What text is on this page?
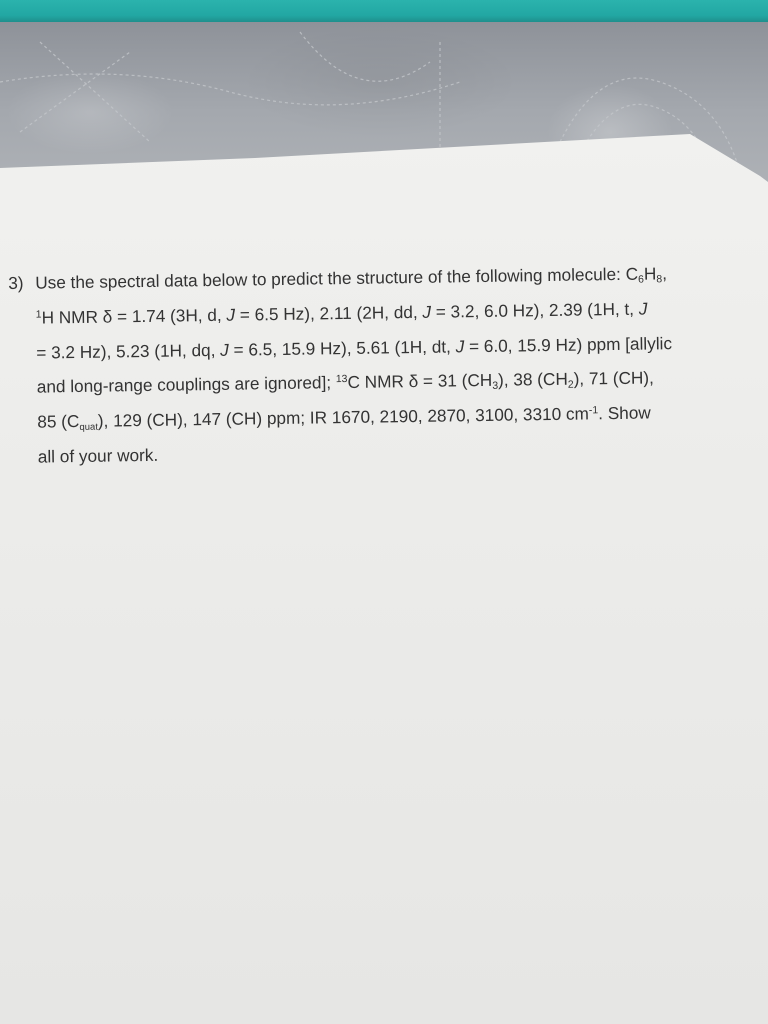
3) Use the spectral data below to predict the structure of the following molecule: $C_6H_8$,
$^1$H NMR δ = 1.74 (3H, d, J = 6.5 Hz), 2.11 (2H, dd, J = 3.2, 6.0 Hz), 2.39 (1H, t, J
= 3.2 Hz), 5.23 (1H, dq, J = 6.5, 15.9 Hz), 5.61 (1H, dt, J = 6.0, 15.9 Hz) ppm [allylic
and long-range couplings are ignored]; $^{13}$C NMR δ = 31 $(CH_3)$, 38 $(CH_2)$, 71 (CH),
85 $(C_{quat})$, 129 (CH), 147 (CH) ppm; IR 1670, 2190, 2870, 3100, 3310 $cm^{-1}$. Show
all of your work.
